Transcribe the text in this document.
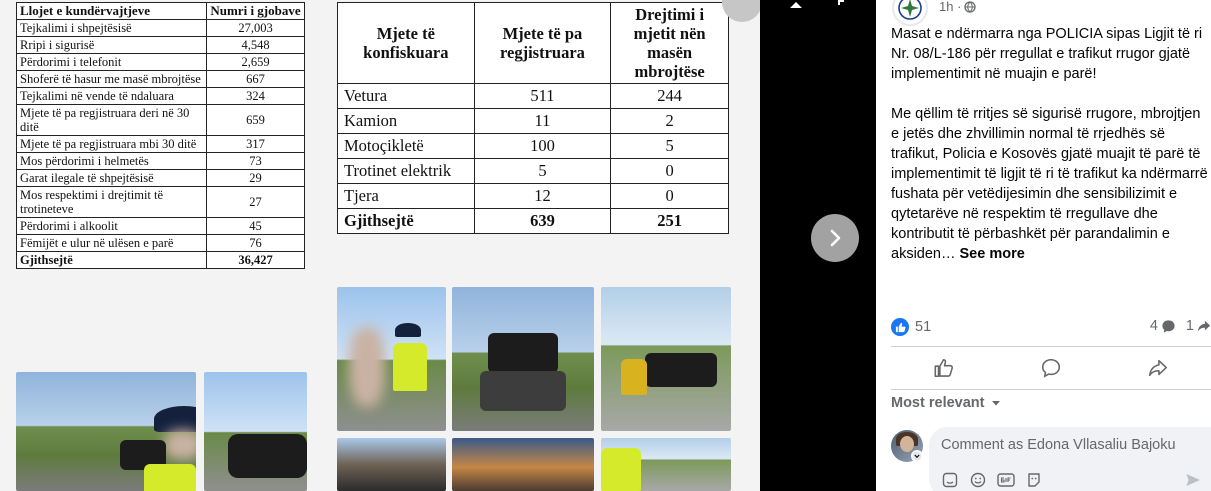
Llojet e kundërvajtjeve	Numri i gjobave
Tejkalimi i shpejtësisë	27,003
Rripi i sigurisë	4,548
Përdorimi i telefonit	2,659
Shoferë të hasur me masë mbrojtëse	667
Tejkalimi në vende të ndaluara	324
Mjete të pa regjistruara deri në 30 ditë	659
Mjete të pa regjistruara mbi 30 ditë	317
Mos përdorimi i helmetës	73
Garat ilegale të shpejtësisë	29
Mos respektimi i drejtimit të trotineteve	27
Përdorimi i alkoolit	45
Fëmijët e ulur në ulësen e parë	76
Gjithsejtë	36,427
Mjete të konfiskuara	Mjete të pa regjistruara	Drejtimi i mjetit nën masën mbrojtëse
Vetura	511	244
Kamion	11	2
Motoçikletë	100	5
Trotinet elektrik	5	0
Tjera	12	0
Gjithsejtë	639	251
1h ·

Masat e ndërmarra nga POLICIA sipas Ligjit të ri Nr. 08/L-186 për rregullat e trafikut rrugor gjatë implementimit në muajin e parë!

Me qëllim të rritjes së sigurisë rrugore, mbrojtjen e jetës dhe zhvillimin normal të rrjedhës së trafikut, Policia e Kosovës gjatë muajit të parë të implementimit të ligjit të ri të trafikut ka ndërmarrë fushata për vetëdijesimin dhe sensibilizimit e qytetarëve në respektim të rregullave dhe kontributit të përbashkët për parandalimin e aksiden… See more

51	4 1
Most relevant
Comment as Edona Vllasaliu Bajoku
